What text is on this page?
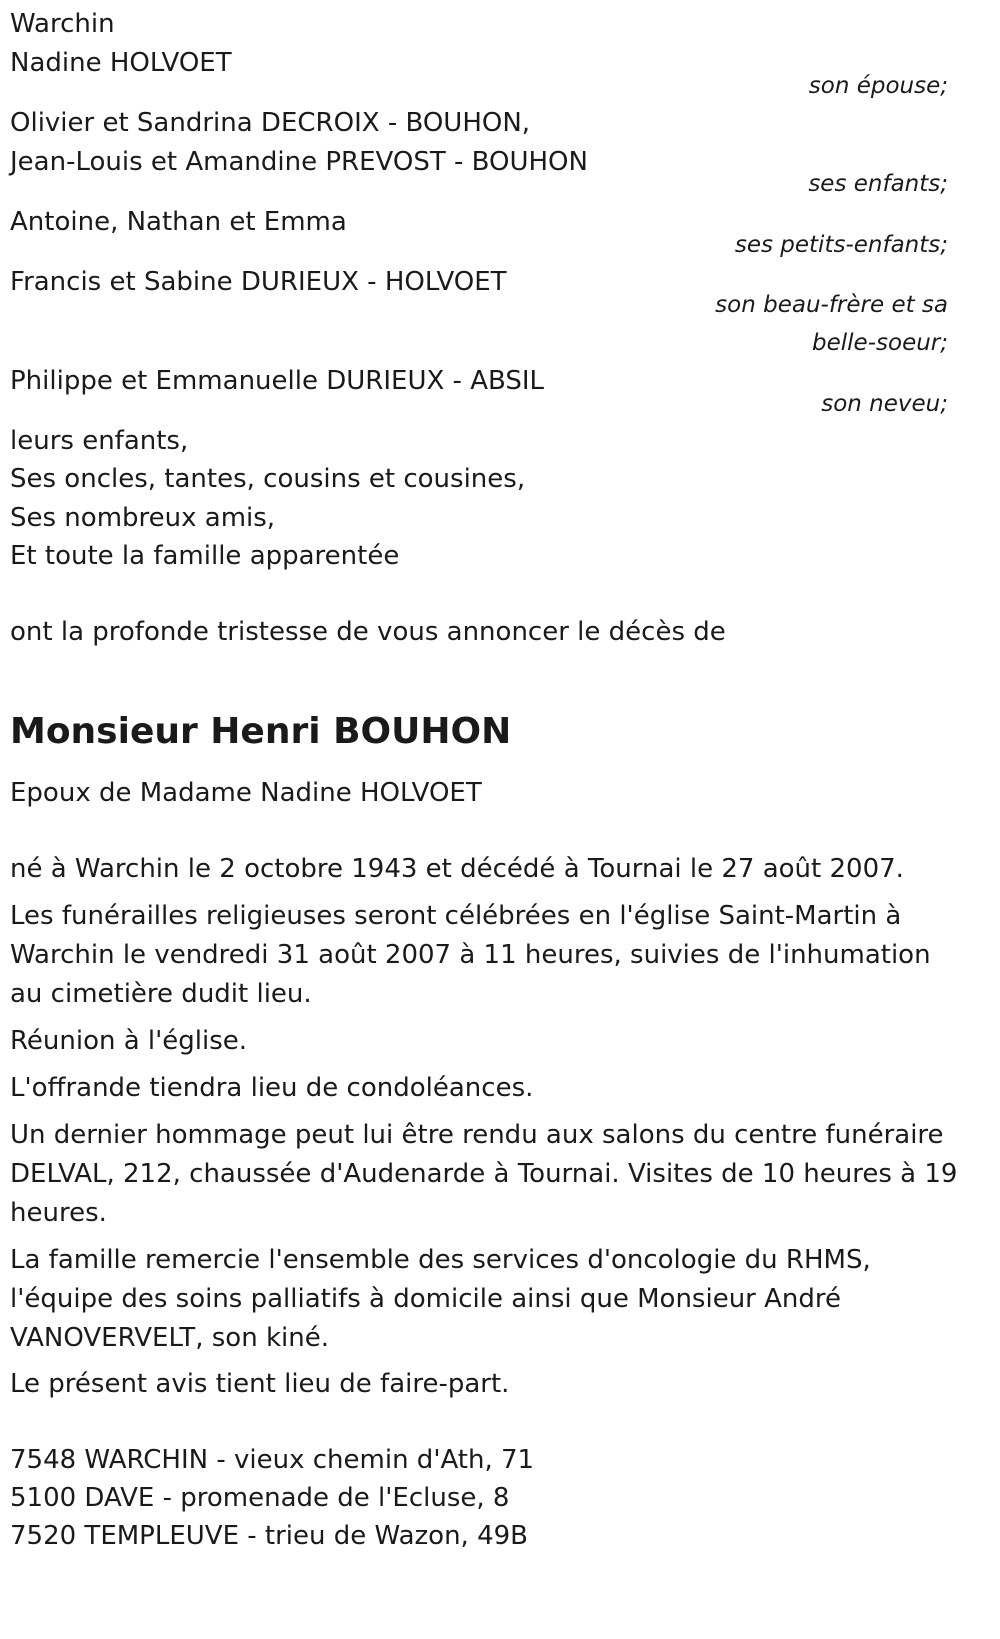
Warchin
Nadine HOLVOET
son épouse;
Olivier et Sandrina DECROIX - BOUHON,
Jean-Louis et Amandine PREVOST - BOUHON
ses enfants;
Antoine, Nathan et Emma
ses petits-enfants;
Francis et Sabine DURIEUX - HOLVOET
son beau-frère et sa
belle-soeur;
Philippe et Emmanuelle DURIEUX - ABSIL
son neveu;
leurs enfants,
Ses oncles, tantes, cousins et cousines,
Ses nombreux amis,
Et toute la famille apparentée
ont la profonde tristesse de vous annoncer le décès de
Monsieur Henri BOUHON
Epoux de Madame Nadine HOLVOET
né à Warchin le 2 octobre 1943 et décédé à Tournai le 27 août 2007.
Les funérailles religieuses seront célébrées en l'église Saint-Martin à Warchin le vendredi 31 août 2007 à 11 heures, suivies de l'inhumation au cimetière dudit lieu.
Réunion à l'église.
L'offrande tiendra lieu de condoléances.
Un dernier hommage peut lui être rendu aux salons du centre funéraire DELVAL, 212, chaussée d'Audenarde à Tournai. Visites de 10 heures à 19 heures.
La famille remercie l'ensemble des services d'oncologie du RHMS, l'équipe des soins palliatifs à domicile ainsi que Monsieur André VANOVERVELT, son kiné.
Le présent avis tient lieu de faire-part.
7548 WARCHIN - vieux chemin d'Ath, 71
5100 DAVE - promenade de l'Ecluse, 8
7520 TEMPLEUVE - trieu de Wazon, 49B
